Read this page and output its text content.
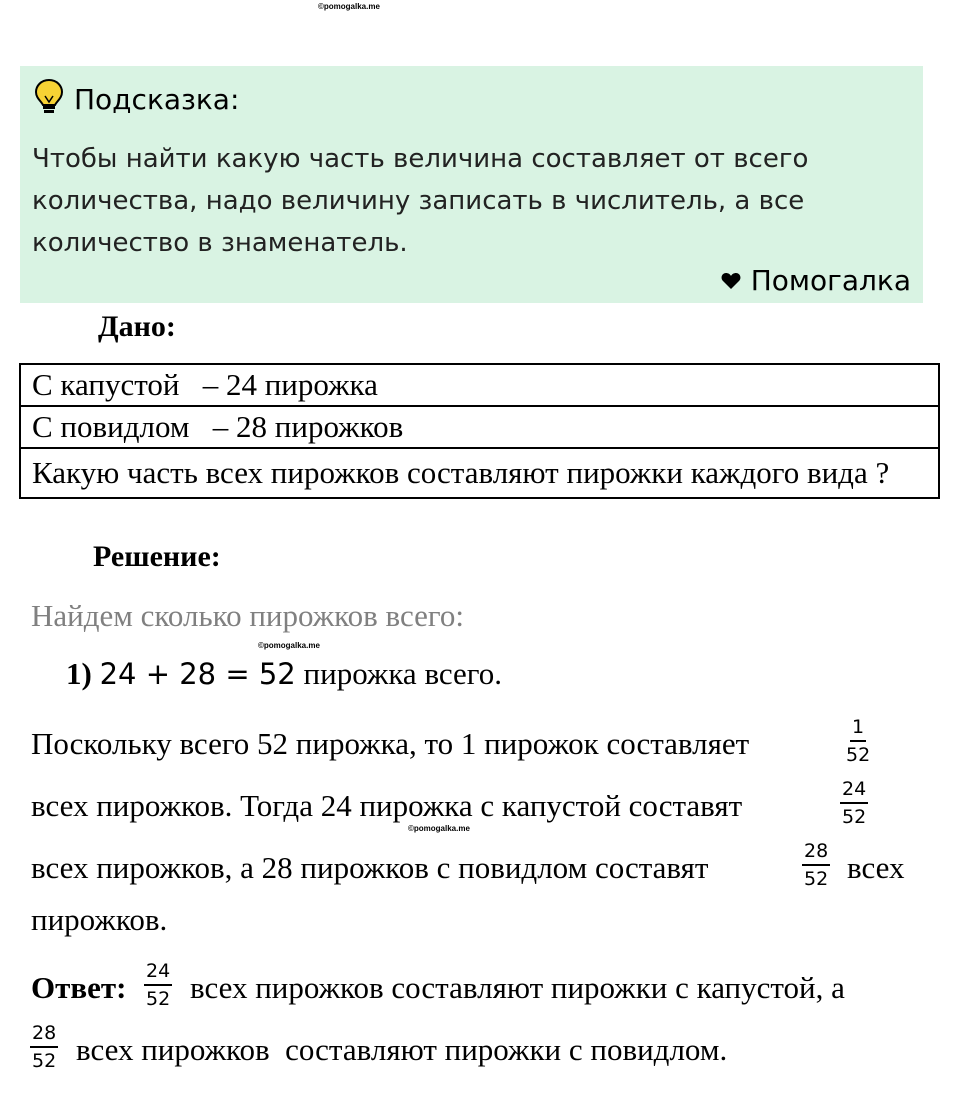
©pomogalka.me
©pomogalka.me
©pomogalka.me
Подсказка:
Чтобы найти какую часть величина составляет от всего количества, надо величину записать в числитель, а все количество в знаменатель.
Помогалка
Дано:
С капустой   – 24 пирожка
С повидлом   – 28 пирожков
Какую часть всех пирожков составляют пирожки каждого вида ?
Решение:
Найдем сколько пирожков всего:
1) 24 + 28 = 52 пирожка всего.
Поскольку всего 52 пирожка, то 1 пирожок составляет	$\frac{1}{52}$
всех пирожков. Тогда 24 пирожка с капустой составят	$\frac{24}{52}$
всех пирожков, а 28 пирожков с повидлом составят	$\frac{28}{52}$ всех
пирожков.
Ответ: $\frac{24}{52}$ всех пирожков составляют пирожки с капустой, а
$\frac{28}{52}$ всех пирожков  составляют пирожки с повидлом.
